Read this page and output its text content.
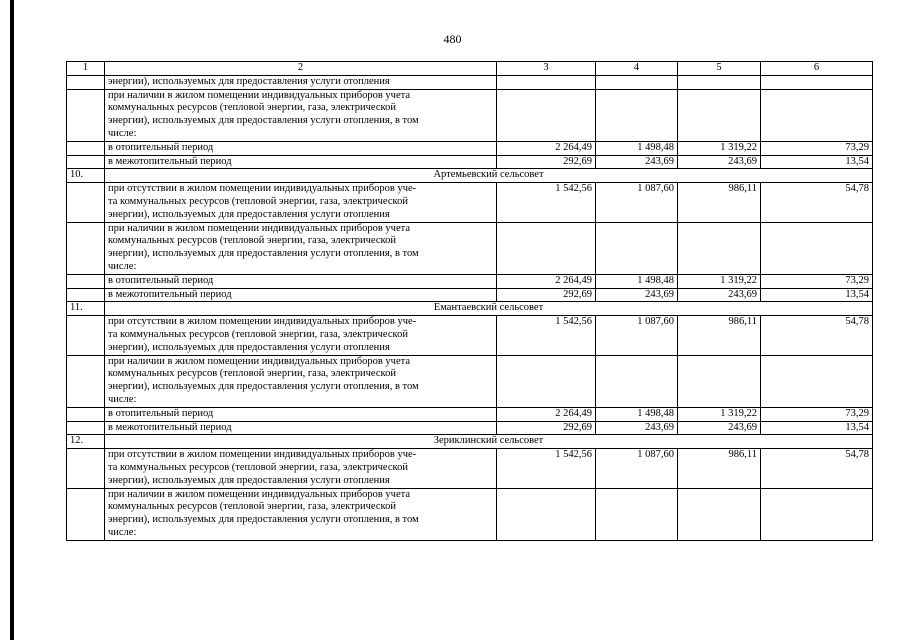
480
1	2	3	4	5	6
	энергии), используемых для предоставления услуги отопления				

	при наличии в жилом помещении индивидуальных приборов учета
коммунальных ресурсов (тепловой энергии, газа, электрической
энергии), используемых для предоставления услуги отопления, в том
числе:				

	в отопительный период	2 264,49	1 498,48	1 319,22	73,29
	в межотопительный период	292,69	243,69	243,69	13,54
10.	Артемьевский сельсовет				

	при отсутствии в жилом помещении индивидуальных приборов уче-
та коммунальных ресурсов (тепловой энергии, газа, электрической
энергии), используемых для предоставления услуги отопления	1 542,56	1 087,60	986,11	54,78

	при наличии в жилом помещении индивидуальных приборов учета
коммунальных ресурсов (тепловой энергии, газа, электрической
энергии), используемых для предоставления услуги отопления, в том
числе:				

	в отопительный период	2 264,49	1 498,48	1 319,22	73,29
	в межотопительный период	292,69	243,69	243,69	13,54
11.	Емантаевский сельсовет				

	при отсутствии в жилом помещении индивидуальных приборов уче-
та коммунальных ресурсов (тепловой энергии, газа, электрической
энергии), используемых для предоставления услуги отопления	1 542,56	1 087,60	986,11	54,78

	при наличии в жилом помещении индивидуальных приборов учета
коммунальных ресурсов (тепловой энергии, газа, электрической
энергии), используемых для предоставления услуги отопления, в том
числе:				

	в отопительный период	2 264,49	1 498,48	1 319,22	73,29
	в межотопительный период	292,69	243,69	243,69	13,54
12.	Зериклинский сельсовет				

	при отсутствии в жилом помещении индивидуальных приборов уче-
та коммунальных ресурсов (тепловой энергии, газа, электрической
энергии), используемых для предоставления услуги отопления	1 542,56	1 087,60	986,11	54,78

	при наличии в жилом помещении индивидуальных приборов учета
коммунальных ресурсов (тепловой энергии, газа, электрической
энергии), используемых для предоставления услуги отопления, в том
числе:				
